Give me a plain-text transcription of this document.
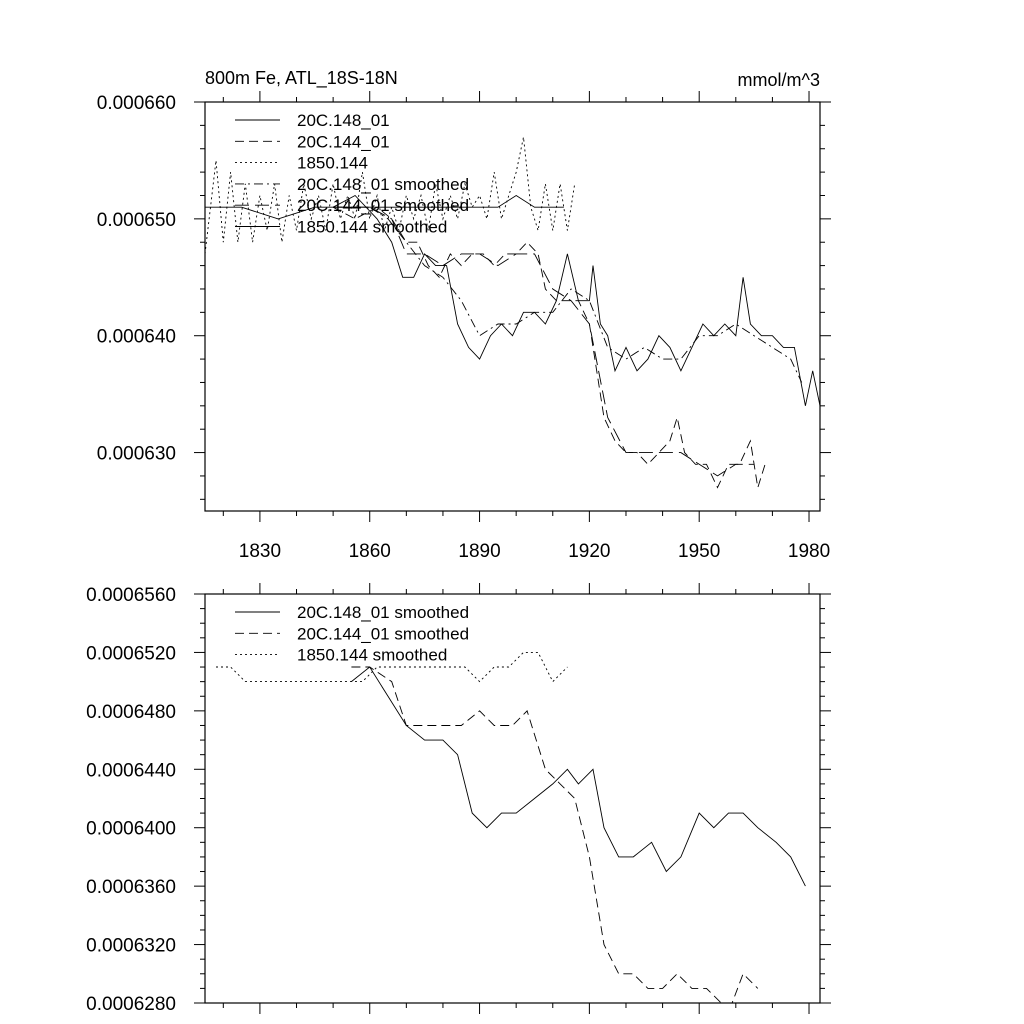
800m Fe, ATL_18S-18N	mmol/m^3
1830	1860	1890	1920	1950	1980
0.000630
0.000640
0.000650
0.000660
20C.148_01
20C.144_01
1850.144
20C.148_01 smoothed
20C.144_01 smoothed
1850.144 smoothed
0.0006280
0.0006320
0.0006360
0.0006400
0.0006440
0.0006480
0.0006520
0.0006560
20C.148_01 smoothed
20C.144_01 smoothed
1850.144 smoothed
